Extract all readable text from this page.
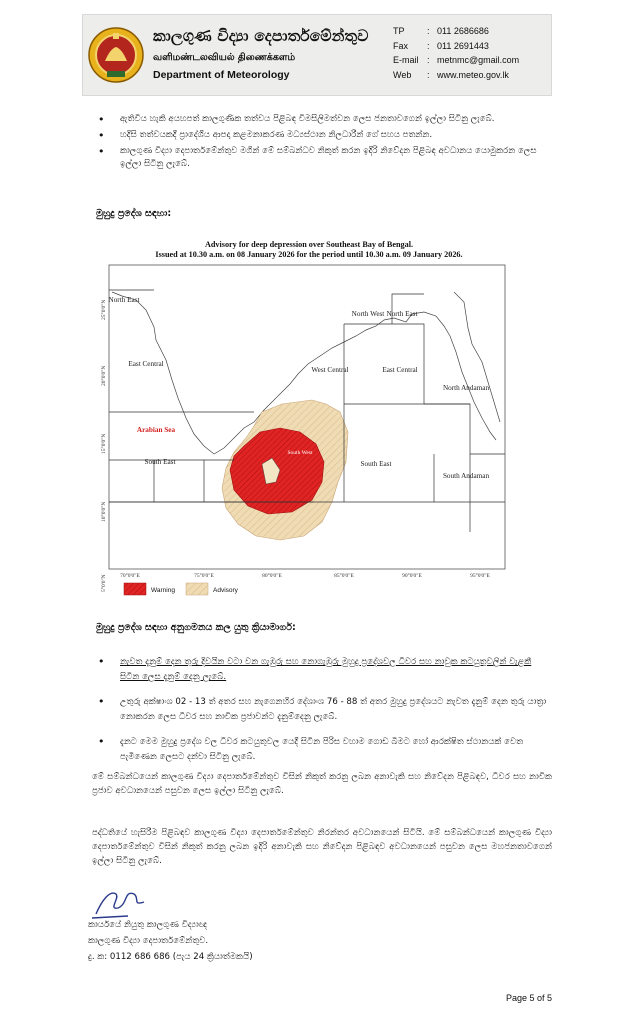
කාලගුණ විද්‍යා දෙපාර්තමේන්තුව
வளிமண்டலவியல் திணைக்களம்
Department of Meteorology
TP	: 011 2686686
Fax	: 011 2691443
E-mail : metnmc@gmail.com
Web	: www.meteo.gov.lk
• ඇතිවිය හැකි අයහපත් කාලගුණික තත්වය පිළිබඳ විමසිලිමත්වන ලෙස ජනතාවගෙන් ඉල්ලා සිටිනු ලැබේ.
• හදිසි තත්වයකදී ප්‍රාදේශීය ආපදා කළමනාකරණ මධ්‍යස්ථාන නිලධාරීන් ගේ සහය පතන්න.
• කාලගුණ විද්‍යා දෙපාර්තමේන්තුව මගින් මේ සම්බන්ධව නිකුත් කරන ඉදිරි නිවේදන පිළිබඳ අවධානය යොමුකරන ලෙස ඉල්ලා සිටිනු ලැබේ.
මුහුදු ප්‍රදේශ සඳහා:
Advisory for deep depression over Southeast Bay of Bengal.
Issued at 10.30 a.m. on 08 January 2026 for the period until 10.30 a.m. 09 January 2026.
North East
East Central
Arabian Sea
South East
North West North East
West Central	East Central
South West
South East
North Andaman
South Andaman
25°0'0"N
20°0'0"N
15°0'0"N
10°0'0"N
5°0'0"N 70°0'0"E	75°0'0"E	80°0'0"E	85°0'0"E	90°0'0"E	95°0'0"E
Warning	Advisory
මුහුදු ප්‍රදේශ සඳහා අනුගමනය කල යුතු ක්‍රියාමාර්ග:
• නැවත දැනුම් දෙන තුරු දිවයින වටා වන ගැඹුරු සහ නොගැඹුරු මුහුදු ප්‍රදේශවල ධීවර සහ නාවුක කටයුතුවලින් වැළකී සිටින ලෙස දැනුම් දෙනු ලැබේ.
• උතුරු අක්ෂාංශ 02 - 13 ත් අතර සහ නැගෙනහිර දේශාංශ 76 - 88 ත් අතර මුහුදු ප්‍රදේශයට නැවත දැනුම් දෙන තුරු යාත්‍රා නොකරන ලෙස ධීවර සහ නාවික ප්‍රජාවන්ට දැනුම්දෙනු ලැබේ.
• දැනට මෙම මුහුදු ප්‍රදේශ වල ධීවර කටයුතුවල යෙදී සිටින පිරිස වහාම ගොඩ බිමට හෝ ආරක්ෂිත ස්ථානයක් වෙත පැමිණෙන ලෙසට දන්වා සිටිනු ලැබේ.
මේ සම්බන්ධයෙන් කාලගුණ විද්‍යා දෙපාර්තමේන්තුව විසින් නිකුත් කරනු ලබන අනාවැකි සහ නිවේදන පිළිබඳව, ධීවර සහ නාවික ප්‍රජාව අවධානයෙන් පසුවන ලෙස ඉල්ලා සිටිනු ලැබේ.
පද්ධතියේ හැසිරීම පිළිබඳව කාලගුණ විද්‍යා දෙපාර්තමේන්තුව නිරන්තර අවධානයෙන් සිටියි. මේ සම්බන්ධයෙන් කාලගුණ විද්‍යා දෙපාර්තමේන්තුව විසින් නිකුත් කරනු ලබන ඉදිරි අනාවැකි සහ නිවේදන පිළිබඳව අවධානයෙන් පසුවන ලෙස මහජනතාවගෙන් ඉල්ලා සිටිනු ලැබේ.
කාර්යයේ නියුතු කාලගුණ විද්‍යාඥ
කාලගුණ විද්‍යා දෙපාර්තමේන්තුව.
දු. ක: 0112 686 686 (පැය 24 ක්‍රියාත්මකයි)
Page 5 of 5
